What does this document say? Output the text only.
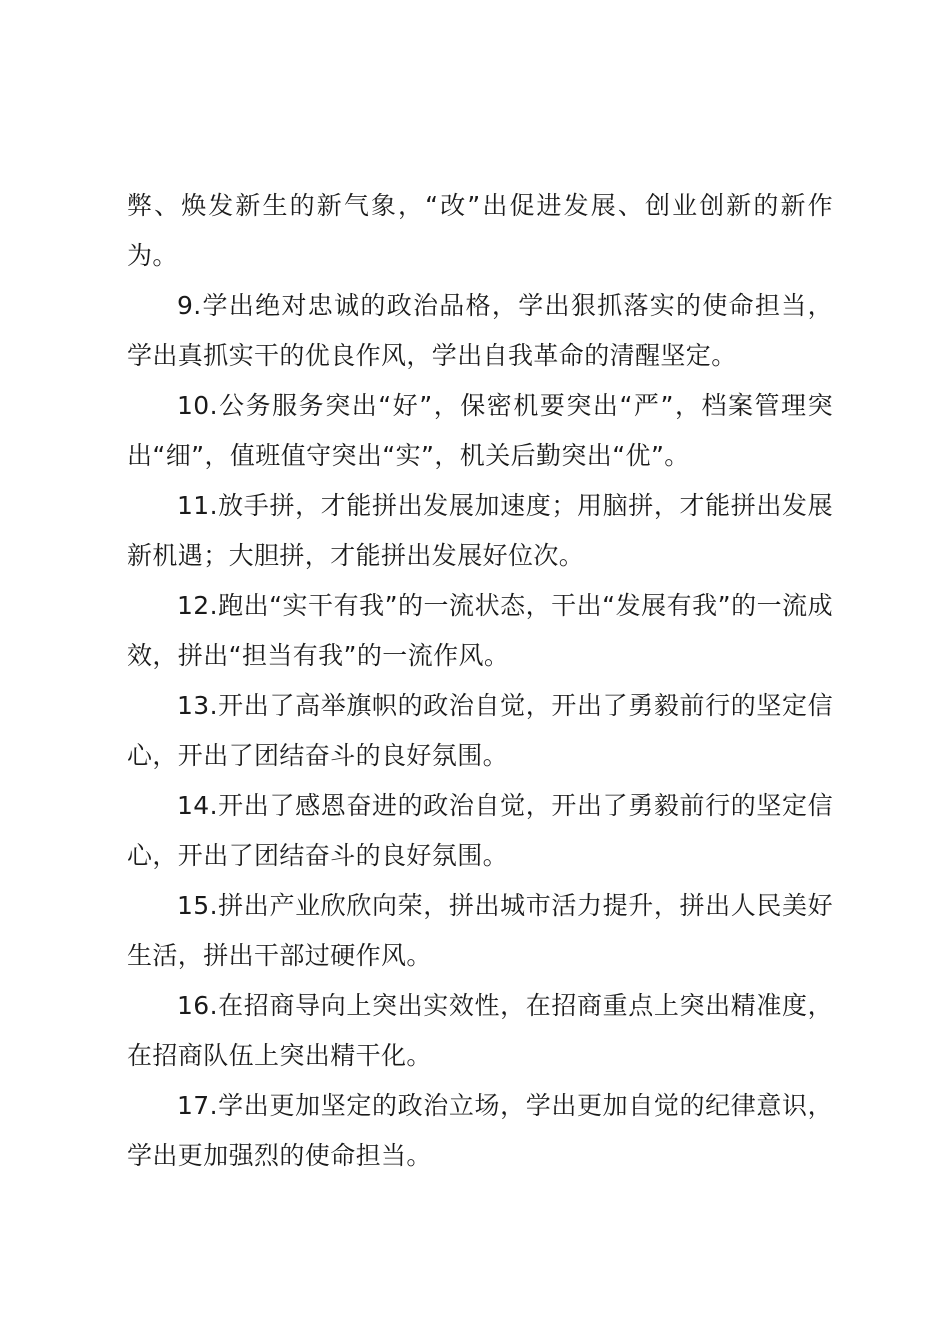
弊、焕发新生的新气象，“改”出促进发展、创业创新的新作为。

9.学出绝对忠诚的政治品格，学出狠抓落实的使命担当，学出真抓实干的优良作风，学出自我革命的清醒坚定。

10.公务服务突出“好”，保密机要突出“严”，档案管理突出“细”，值班值守突出“实”，机关后勤突出“优”。

11.放手拼，才能拼出发展加速度；用脑拼，才能拼出发展新机遇；大胆拼，才能拼出发展好位次。

12.跑出“实干有我”的一流状态，干出“发展有我”的一流成效，拼出“担当有我”的一流作风。

13.开出了高举旗帜的政治自觉，开出了勇毅前行的坚定信心，开出了团结奋斗的良好氛围。

14.开出了感恩奋进的政治自觉，开出了勇毅前行的坚定信心，开出了团结奋斗的良好氛围。

15.拼出产业欣欣向荣，拼出城市活力提升，拼出人民美好生活，拼出干部过硬作风。

16.在招商导向上突出实效性，在招商重点上突出精准度，在招商队伍上突出精干化。

17.学出更加坚定的政治立场，学出更加自觉的纪律意识，学出更加强烈的使命担当。
